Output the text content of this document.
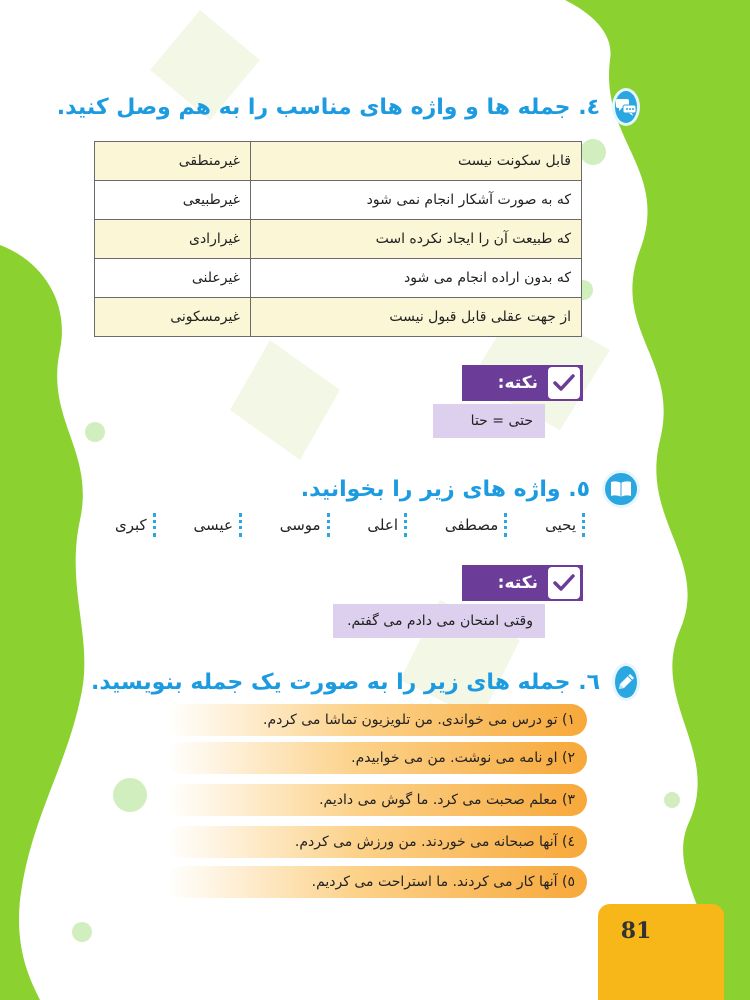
٤. جمله ها و واژه های مناسب را به هم وصل کنید.
قابل سکونت نیست	غیرمنطقی
که به صورت آشکار انجام نمی شود	غیرطبیعی
که طبیعت آن را ایجاد نکرده است	غیرارادی
که بدون اراده انجام می شود	غیرعلنی
از جهت عقلی قابل قبول نیست	غیرمسکونی
نکته:
حتی = حتا
٥. واژه های زیر را بخوانید.
یحیی
مصطفی
اعلی
موسی
عیسی
کبری
نکته:
وقتی امتحان می دادم می گفتم.
٦. جمله های زیر را به صورت یک جمله بنویسید.
۱) تو درس می خواندی. من تلویزیون تماشا می کردم.
۲) او نامه می نوشت. من می خوابیدم.
۳) معلم صحبت می کرد. ما گوش می دادیم.
٤) آنها صبحانه می خوردند. من ورزش می کردم.
٥) آنها کار می کردند. ما استراحت می کردیم.
81
